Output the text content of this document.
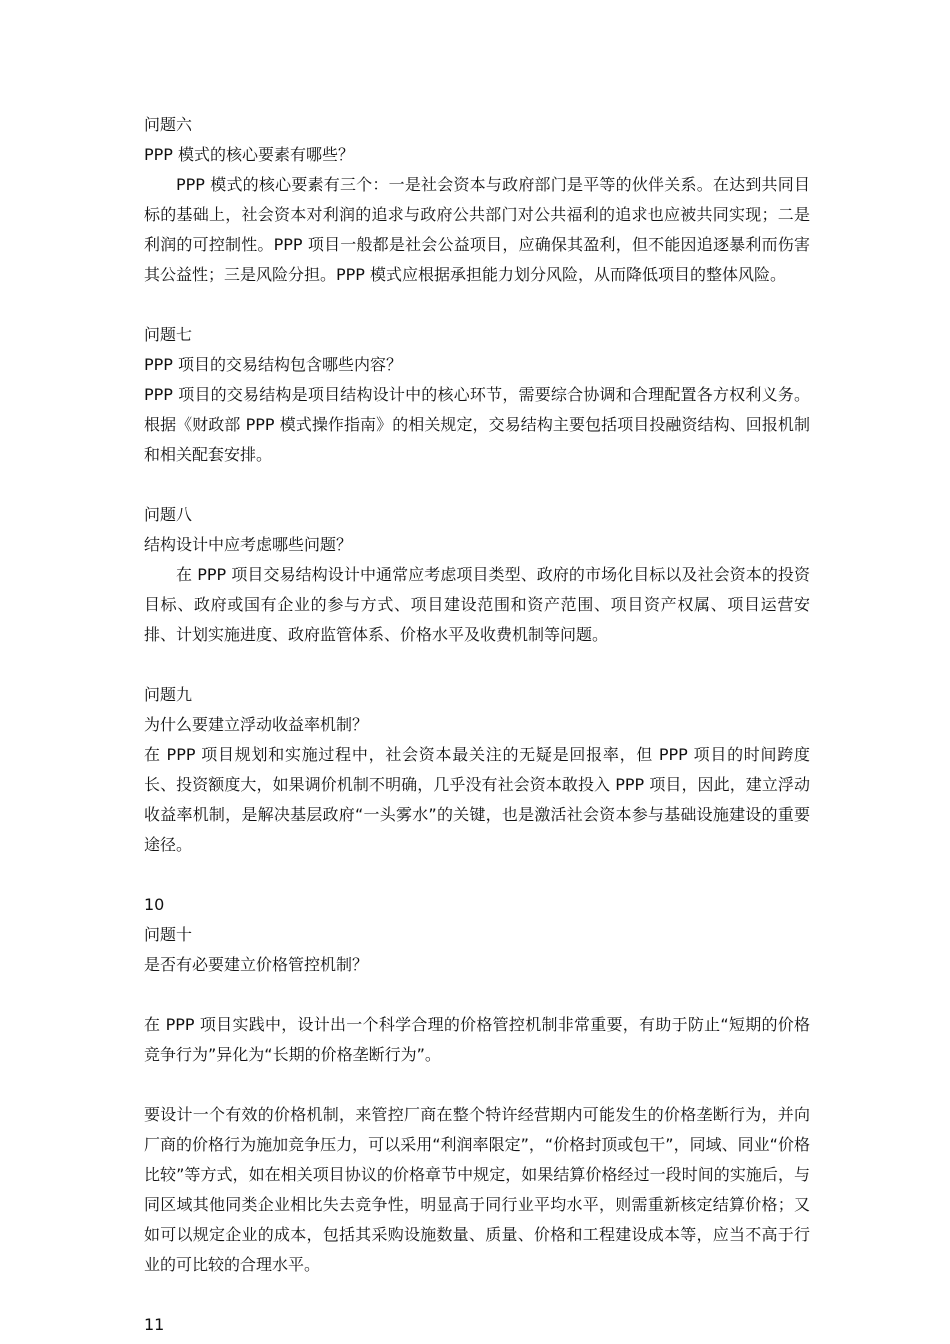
问题六
PPP 模式的核心要素有哪些？
PPP 模式的核心要素有三个：一是社会资本与政府部门是平等的伙伴关系。在达到共同目标的基础上，社会资本对利润的追求与政府公共部门对公共福利的追求也应被共同实现；二是利润的可控制性。PPP 项目一般都是社会公益项目，应确保其盈利，但不能因追逐暴利而伤害其公益性；三是风险分担。PPP 模式应根据承担能力划分风险，从而降低项目的整体风险。
问题七
PPP 项目的交易结构包含哪些内容？
PPP 项目的交易结构是项目结构设计中的核心环节，需要综合协调和合理配置各方权利义务。根据《财政部 PPP 模式操作指南》的相关规定，交易结构主要包括项目投融资结构、回报机制和相关配套安排。
问题八
结构设计中应考虑哪些问题？
在 PPP 项目交易结构设计中通常应考虑项目类型、政府的市场化目标以及社会资本的投资目标、政府或国有企业的参与方式、项目建设范围和资产范围、项目资产权属、项目运营安排、计划实施进度、政府监管体系、价格水平及收费机制等问题。
问题九
为什么要建立浮动收益率机制？
在 PPP 项目规划和实施过程中，社会资本最关注的无疑是回报率，但 PPP 项目的时间跨度长、投资额度大，如果调价机制不明确，几乎没有社会资本敢投入 PPP 项目，因此，建立浮动收益率机制，是解决基层政府“一头雾水”的关键，也是激活社会资本参与基础设施建设的重要途径。
10
问题十
是否有必要建立价格管控机制？
在 PPP 项目实践中，设计出一个科学合理的价格管控机制非常重要，有助于防止“短期的价格竞争行为”异化为“长期的价格垄断行为”。
要设计一个有效的价格机制，来管控厂商在整个特许经营期内可能发生的价格垄断行为，并向厂商的价格行为施加竞争压力，可以采用“利润率限定”，“价格封顶或包干”，同域、同业“价格比较”等方式，如在相关项目协议的价格章节中规定，如果结算价格经过一段时间的实施后，与同区域其他同类企业相比失去竞争性，明显高于同行业平均水平，则需重新核定结算价格；又如可以规定企业的成本，包括其采购设施数量、质量、价格和工程建设成本等，应当不高于行业的可比较的合理水平。
11
